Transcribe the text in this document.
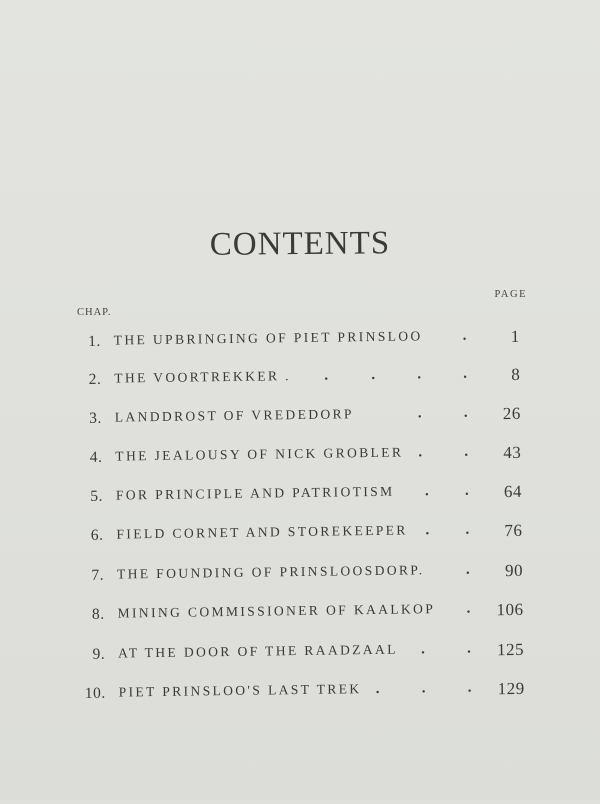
CONTENTS
PAGE
CHAP.
1. THE UPBRINGING OF PIET PRINSLOO	.	1
2. THE VOORTREKKER . .	.	.	.	8
3. LANDDROST OF VREDEDORP	.	. 26
4. THE JEALOUSY OF NICK GROBLER .	. 43
5. FOR PRINCIPLE AND PATRIOTISM . . 64
6. FIELD CORNET AND STOREKEEPER . . 76
7. THE FOUNDING OF PRINSLOOSDORP.	. 90
8. MINING COMMISSIONER OF KAALKOP . 106
9. AT THE DOOR OF THE RAADZAAL .	. 125
10. PIET PRINSLOO'S LAST TREK .	.	. 129
